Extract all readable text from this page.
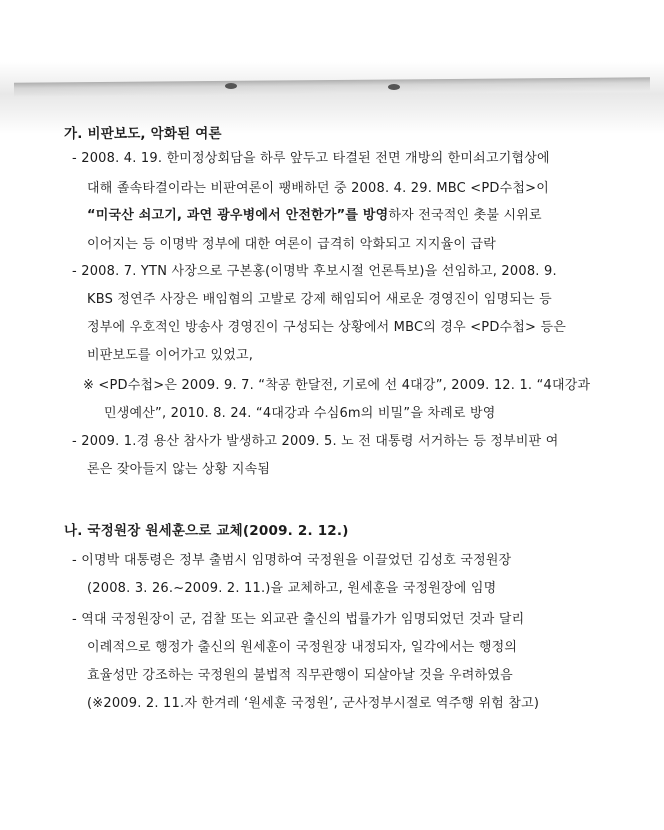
가. 비판보도, 악화된 여론
- 2008. 4. 19. 한미정상회담을 하루 앞두고 타결된 전면 개방의 한미쇠고기협상에
대해 졸속타결이라는 비판여론이 팽배하던 중 2008. 4. 29. MBC <PD수첩>이
“미국산 쇠고기, 과연 광우병에서 안전한가”를 방영하자 전국적인 촛불 시위로
이어지는 등 이명박 정부에 대한 여론이 급격히 악화되고 지지율이 급락
- 2008. 7. YTN 사장으로 구본홍(이명박 후보시절 언론특보)을 선임하고, 2008. 9.
KBS 정연주 사장은 배임혐의 고발로 강제 해임되어 새로운 경영진이 임명되는 등
정부에 우호적인 방송사 경영진이 구성되는 상황에서 MBC의 경우 <PD수첩> 등은
비판보도를 이어가고 있었고,
※ <PD수첩>은 2009. 9. 7. “착공 한달전, 기로에 선 4대강”, 2009. 12. 1. “4대강과
민생예산”, 2010. 8. 24. “4대강과 수심6m의 비밀”을 차례로 방영
- 2009. 1.경 용산 참사가 발생하고 2009. 5. 노 전 대통령 서거하는 등 정부비판 여
론은 잦아들지 않는 상황 지속됨
나. 국정원장 원세훈으로 교체(2009. 2. 12.)
- 이명박 대통령은 정부 출범시 임명하여 국정원을 이끌었던 김성호 국정원장
(2008. 3. 26.~2009. 2. 11.)을 교체하고, 원세훈을 국정원장에 임명
- 역대 국정원장이 군, 검찰 또는 외교관 출신의 법률가가 임명되었던 것과 달리
이례적으로 행정가 출신의 원세훈이 국정원장 내정되자, 일각에서는 행정의
효율성만 강조하는 국정원의 불법적 직무관행이 되살아날 것을 우려하였음
(※2009. 2. 11.자 한겨레 ‘원세훈 국정원’, 군사정부시절로 역주행 위험 참고)
